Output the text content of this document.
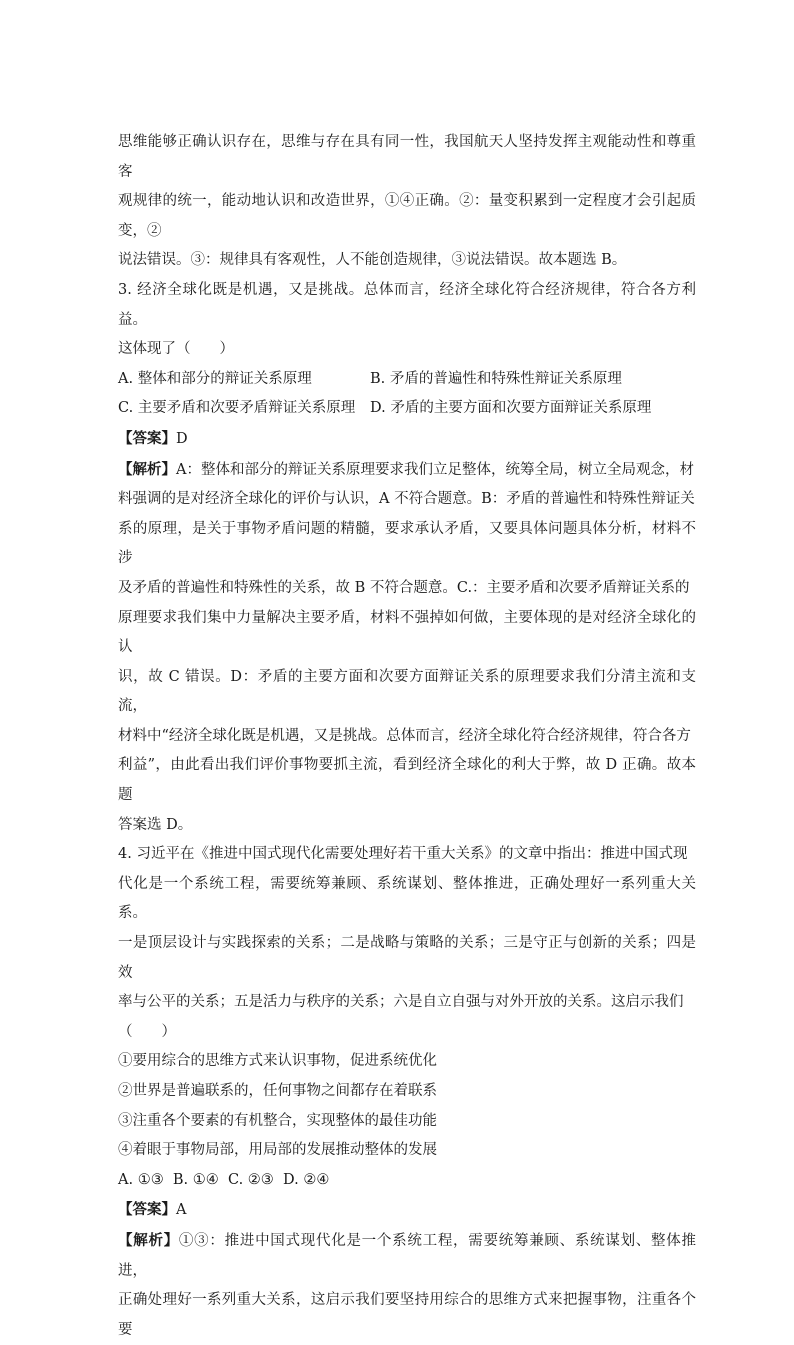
思维能够正确认识存在，思维与存在具有同一性，我国航天人坚持发挥主观能动性和尊重客

观规律的统一，能动地认识和改造世界，①④正确。②：量变积累到一定程度才会引起质变，②

说法错误。③：规律具有客观性，人不能创造规律，③说法错误。故本题选 B。

3. 经济全球化既是机遇，又是挑战。总体而言，经济全球化符合经济规律，符合各方利益。

这体现了（　　）

A. 整体和部分的辩证关系原理	B. 矛盾的普遍性和特殊性辩证关系原理
C. 主要矛盾和次要矛盾辩证关系原理	D. 矛盾的主要方面和次要方面辩证关系原理

【答案】D

【解析】A：整体和部分的辩证关系原理要求我们立足整体，统筹全局，树立全局观念，材

料强调的是对经济全球化的评价与认识，A 不符合题意。B：矛盾的普遍性和特殊性辩证关

系的原理，是关于事物矛盾问题的精髓，要求承认矛盾，又要具体问题具体分析，材料不涉

及矛盾的普遍性和特殊性的关系，故 B 不符合题意。C.：主要矛盾和次要矛盾辩证关系的

原理要求我们集中力量解决主要矛盾，材料不强掉如何做，主要体现的是对经济全球化的认

识，故 C 错误。D：矛盾的主要方面和次要方面辩证关系的原理要求我们分清主流和支流，

材料中“经济全球化既是机遇，又是挑战。总体而言，经济全球化符合经济规律，符合各方

利益”，由此看出我们评价事物要抓主流，看到经济全球化的利大于弊，故 D 正确。故本题

答案选 D。

4. 习近平在《推进中国式现代化需要处理好若干重大关系》的文章中指出：推进中国式现

代化是一个系统工程，需要统筹兼顾、系统谋划、整体推进，正确处理好一系列重大关系。

一是顶层设计与实践探索的关系；二是战略与策略的关系；三是守正与创新的关系；四是效

率与公平的关系；五是活力与秩序的关系；六是自立自强与对外开放的关系。这启示我们

（　　）

①要用综合的思维方式来认识事物，促进系统优化

②世界是普遍联系的，任何事物之间都存在着联系

③注重各个要素的有机整合，实现整体的最佳功能

④着眼于事物局部，用局部的发展推动整体的发展

A. ①③  B. ①④  C. ②③  D. ②④

【答案】A

【解析】①③：推进中国式现代化是一个系统工程，需要统筹兼顾、系统谋划、整体推进，

正确处理好一系列重大关系，这启示我们要坚持用综合的思维方式来把握事物，注重各个要
